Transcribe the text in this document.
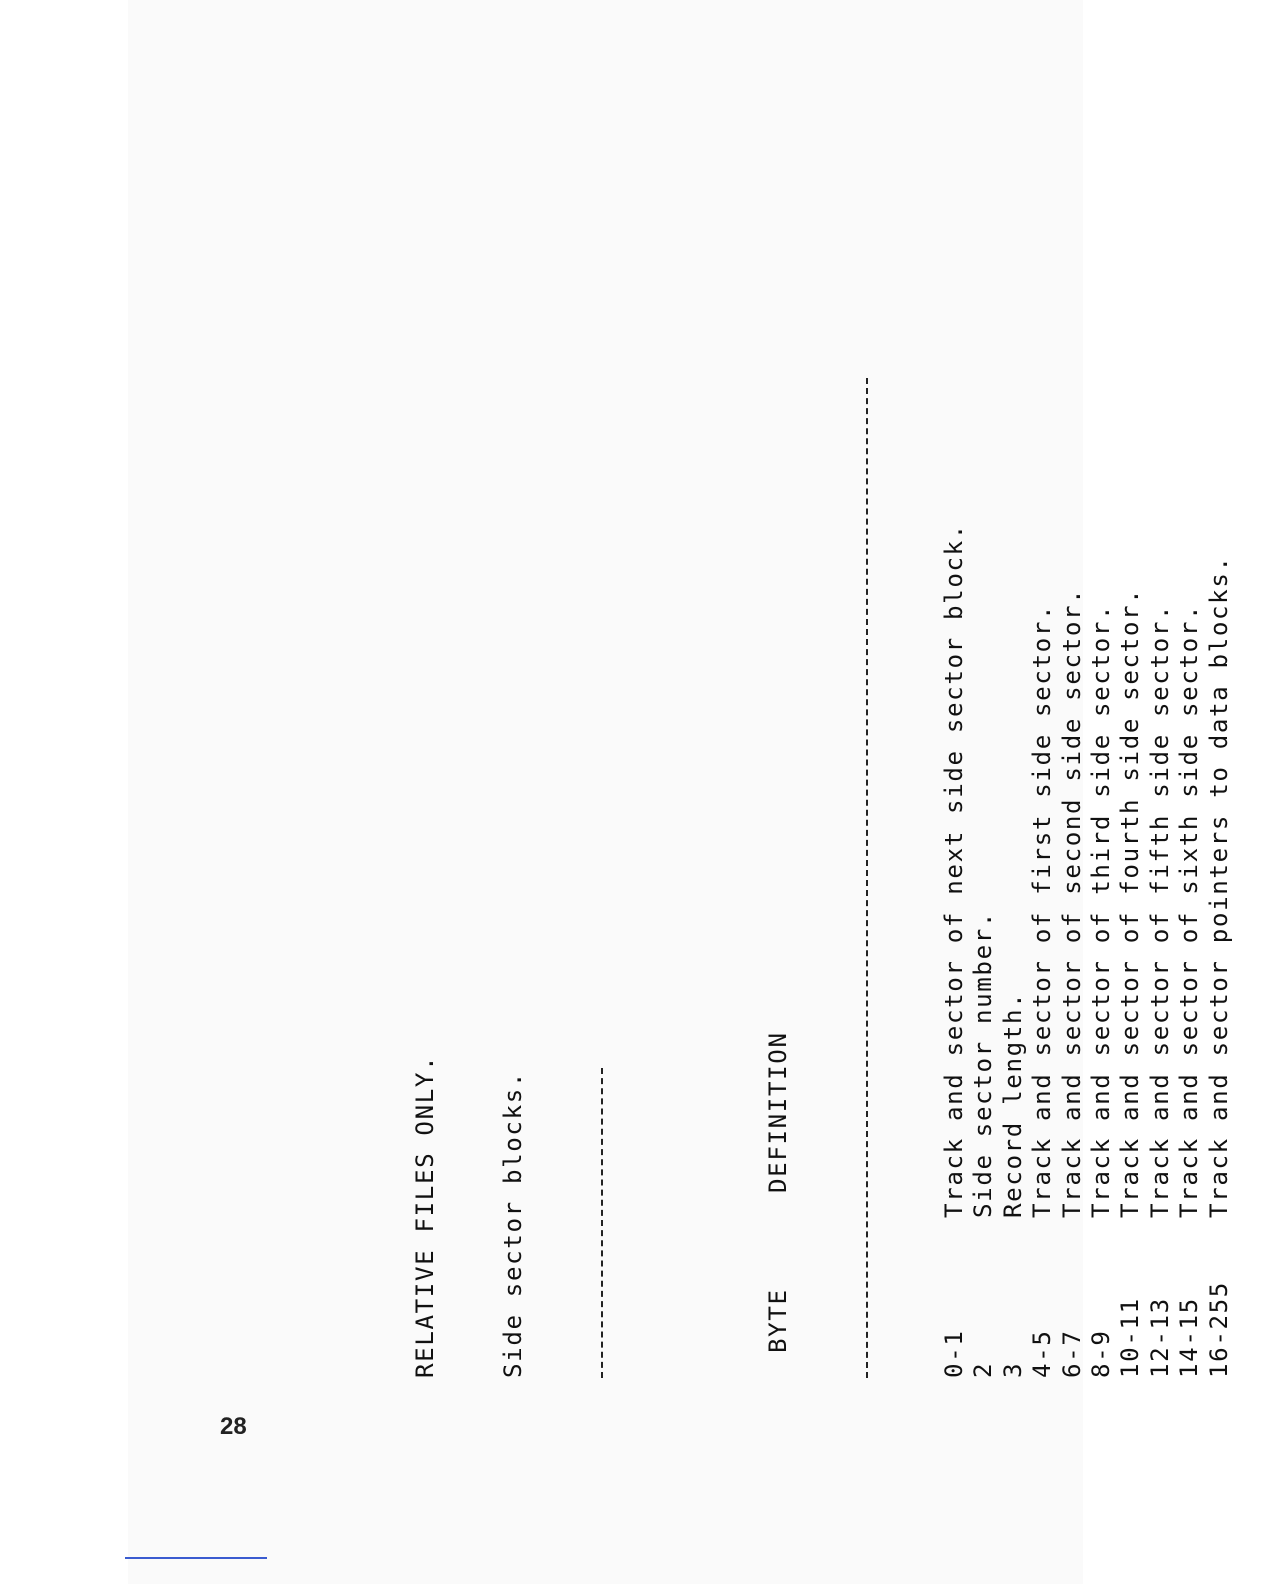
RELATIVE FILES ONLY.

Side sector blocks.

	BYTEDEFINITION

0-1Track and sector of next side sector block.
2Side sector number.
3Record length.
4-5Track and sector of first side sector.
6-7Track and sector of second side sector.
8-9Track and sector of third side sector.
10-11Track and sector of fourth side sector.
12-13Track and sector of fifth side sector.
14-15Track and sector of sixth side sector.
16-255Track and sector pointers to data blocks.

28
